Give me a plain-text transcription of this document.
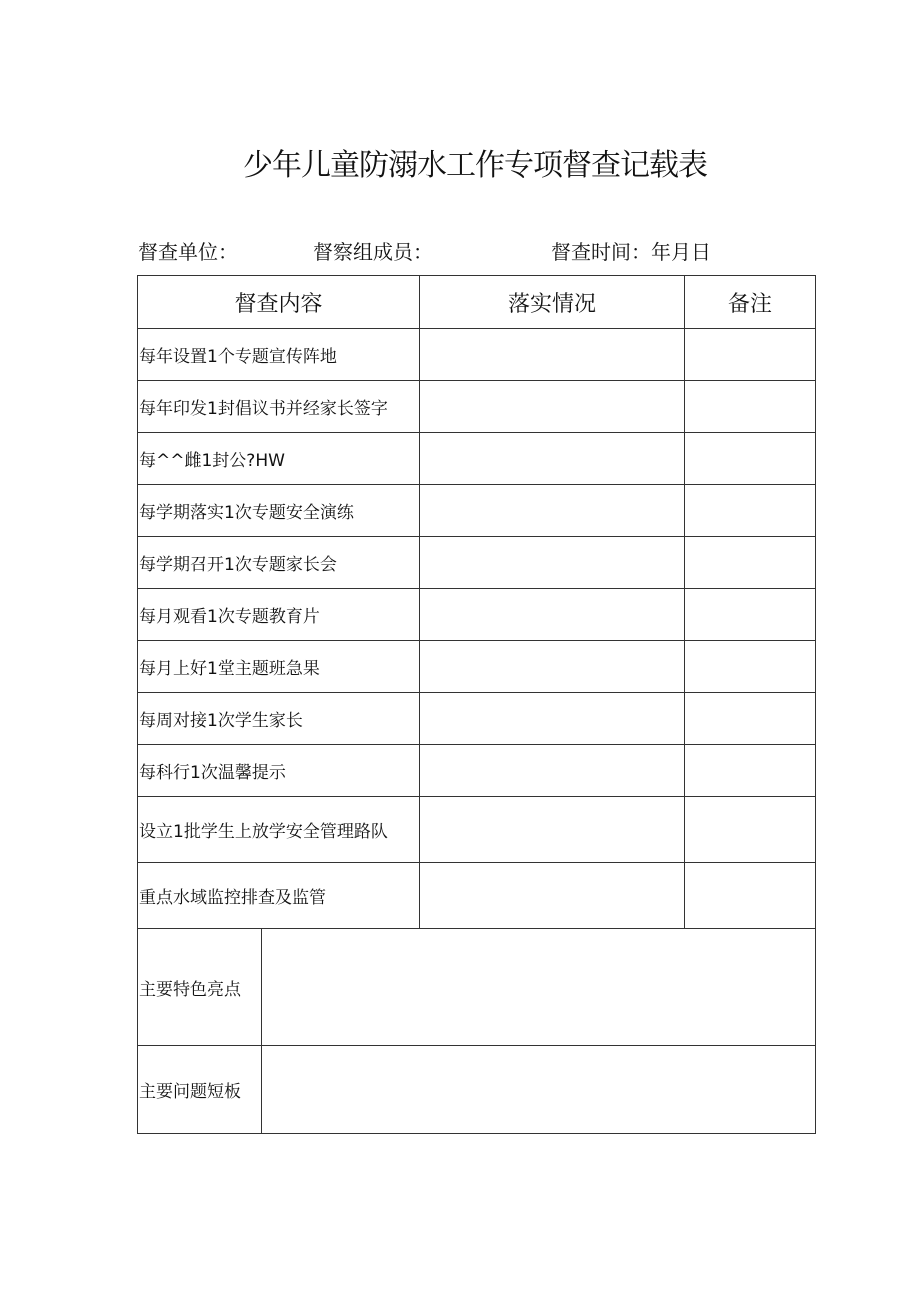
少年儿童防溺水工作专项督查记载表
督查单位：	督察组成员：	督查时间：年月日
督查内容		落实情况	备注
每年设置1个专题宣传阵地			
每年印发1封倡议书并经家长签字			
每^^雌1封公?HW			
每学期落实1次专题安全演练			
每学期召开1次专题家长会			
每月观看1次专题教育片			
每月上好1堂主题班急果			
每周对接1次学生家长			
每科行1次温馨提示			
设立1批学生上放学安全管理路队			
重点水域监控排查及监管			
主要特色亮点			
主要问题短板			
